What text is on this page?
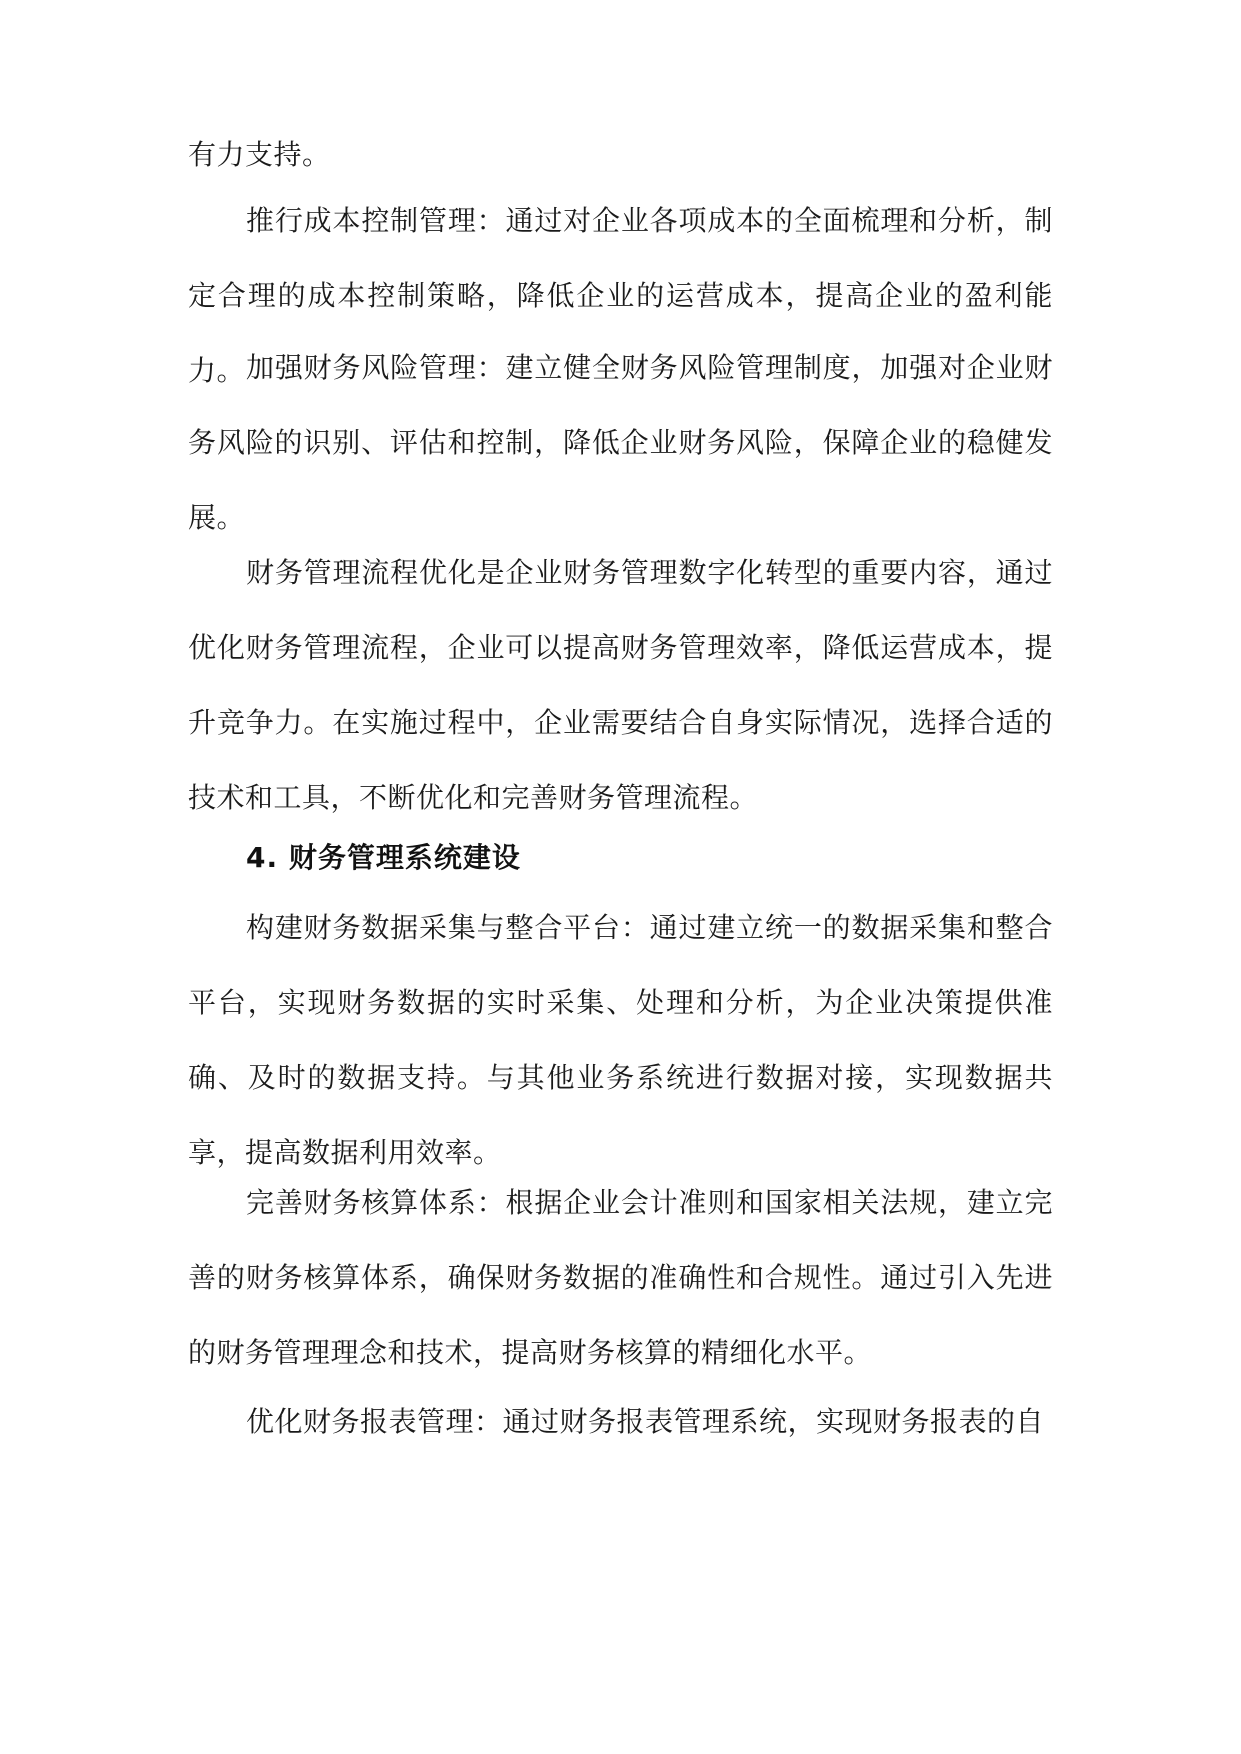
有力支持。

推行成本控制管理：通过对企业各项成本的全面梳理和分析，制定合理的成本控制策略，降低企业的运营成本，提高企业的盈利能力。 加强财务风险管理：建立健全财务风险管理制度，加强对企业财务风险的识别、评估和控制，降低企业财务风险，保障企业的稳健发展。

财务管理流程优化是企业财务管理数字化转型的重要内容，通过优化财务管理流程，企业可以提高财务管理效率，降低运营成本，提升竞争力。在实施过程中，企业需要结合自身实际情况，选择合适的技术和工具，不断优化和完善财务管理流程。

4. 财务管理系统建设

构建财务数据采集与整合平台：通过建立统一的数据采集和整合平台，实现财务数据的实时采集、处理和分析，为企业决策提供准确、及时的数据支持。与其他业务系统进行数据对接，实现数据共享，提高数据利用效率。

完善财务核算体系：根据企业会计准则和国家相关法规，建立完善的财务核算体系，确保财务数据的准确性和合规性。通过引入先进的财务管理理念和技术，提高财务核算的精细化水平。

优化财务报表管理：通过财务报表管理系统，实现财务报表的自
